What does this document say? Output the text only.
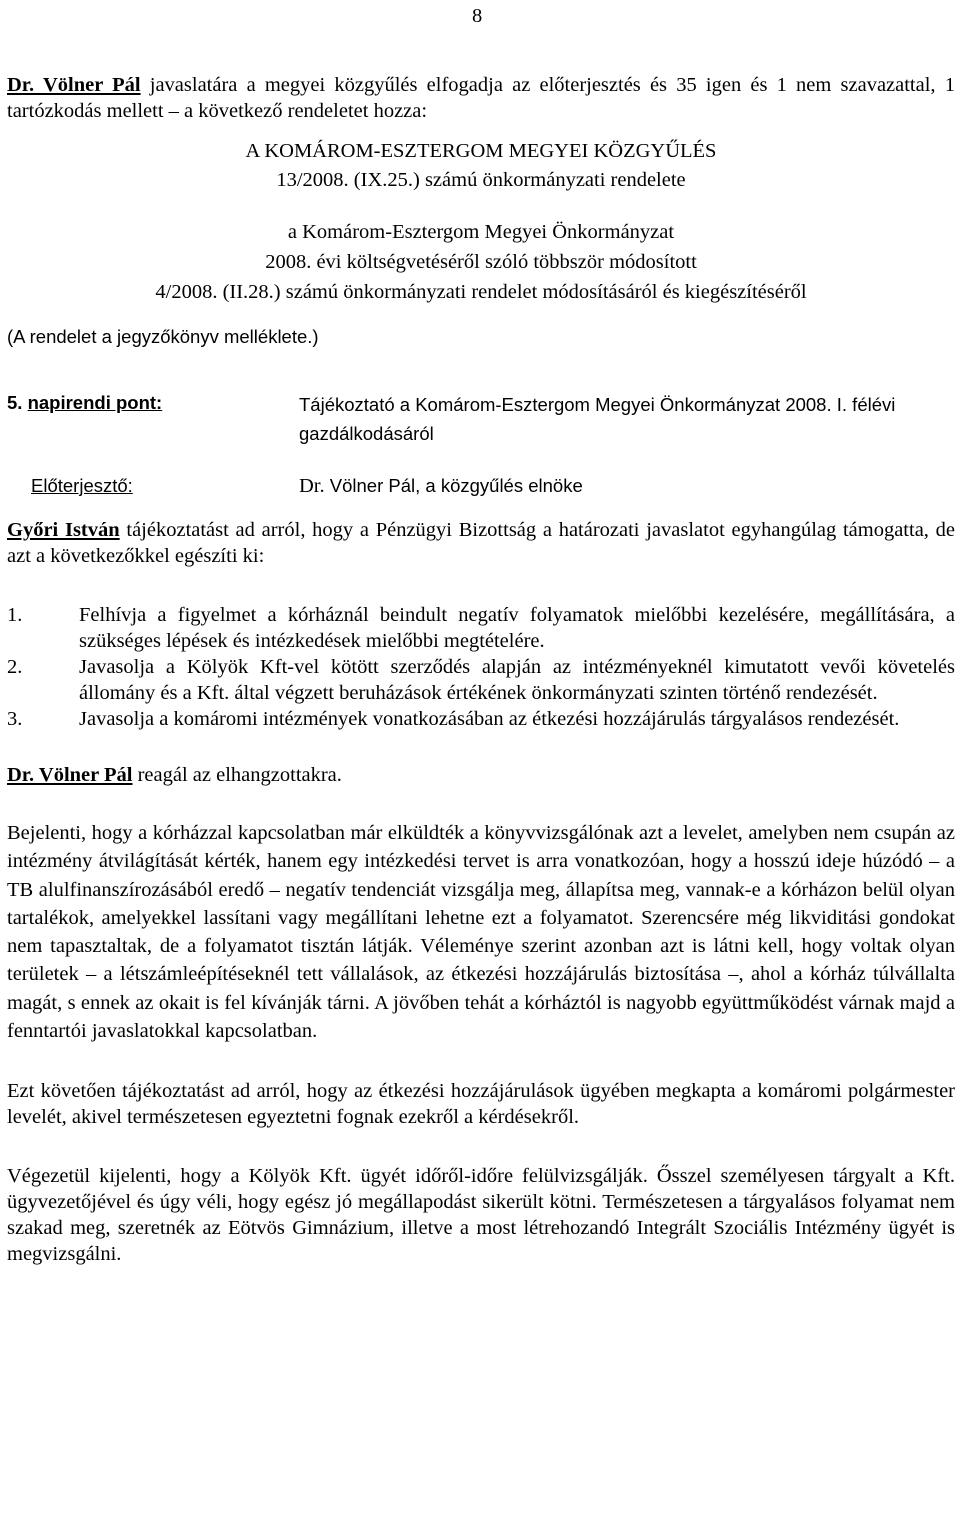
8

Dr. Völner Pál javaslatára a megyei közgyűlés elfogadja az előterjesztés és 35 igen és 1 nem szavazattal, 1 tartózkodás mellett – a következő rendeletet hozza:

A KOMÁROM-ESZTERGOM MEGYEI KÖZGYŰLÉS
13/2008. (IX.25.) számú önkormányzati rendelete
a Komárom-Esztergom Megyei Önkormányzat
2008. évi költségvetéséről szóló többször módosított
4/2008. (II.28.) számú önkormányzati rendelet módosításáról és kiegészítéséről
(A rendelet a jegyzőkönyv melléklete.)
5. napirendi pont:	Tájékoztató a Komárom-Esztergom Megyei Önkormányzat 2008. I. félévi gazdálkodásáról
Előterjesztő:	Dr. Völner Pál, a közgyűlés elnöke

Győri István tájékoztatást ad arról, hogy a Pénzügyi Bizottság a határozati javaslatot egyhangúlag támogatta, de azt a következőkkel egészíti ki:

1.	Felhívja a figyelmet a kórháznál beindult negatív folyamatok mielőbbi kezelésére, megállítására, a szükséges lépések és intézkedések mielőbbi megtételére.
2.	Javasolja a Kölyök Kft-vel kötött szerződés alapján az intézményeknél kimutatott vevői követelés állomány és a Kft. által végzett beruházások értékének önkormányzati szinten történő rendezését.
3.	Javasolja a komáromi intézmények vonatkozásában az étkezési hozzájárulás tárgyalásos rendezését.

Dr. Völner Pál reagál az elhangzottakra.

Bejelenti, hogy a kórházzal kapcsolatban már elküldték a könyvvizsgálónak azt a levelet, amelyben nem csupán az intézmény átvilágítását kérték, hanem egy intézkedési tervet is arra vonatkozóan, hogy a hosszú ideje húzódó – a TB alulfinanszírozásából eredő – negatív tendenciát vizsgálja meg, állapítsa meg, vannak-e a kórházon belül olyan tartalékok, amelyekkel lassítani vagy megállítani lehetne ezt a folyamatot. Szerencsére még likviditási gondokat nem tapasztaltak, de a folyamatot tisztán látják. Véleménye szerint azonban azt is látni kell, hogy voltak olyan területek – a létszámleépítéseknél tett vállalások, az étkezési hozzájárulás biztosítása –, ahol a kórház túlvállalta magát, s ennek az okait is fel kívánják tárni. A jövőben tehát a kórháztól is nagyobb együttműködést várnak majd a fenntartói javaslatokkal kapcsolatban.

Ezt követően tájékoztatást ad arról, hogy az étkezési hozzájárulások ügyében megkapta a komáromi polgármester levelét, akivel természetesen egyeztetni fognak ezekről a kérdésekről.

Végezetül kijelenti, hogy a Kölyök Kft. ügyét időről-időre felülvizsgálják. Ősszel személyesen tárgyalt a Kft. ügyvezetőjével és úgy véli, hogy egész jó megállapodást sikerült kötni. Természetesen a tárgyalásos folyamat nem szakad meg, szeretnék az Eötvös Gimnázium, illetve a most létrehozandó Integrált Szociális Intézmény ügyét is megvizsgálni.
